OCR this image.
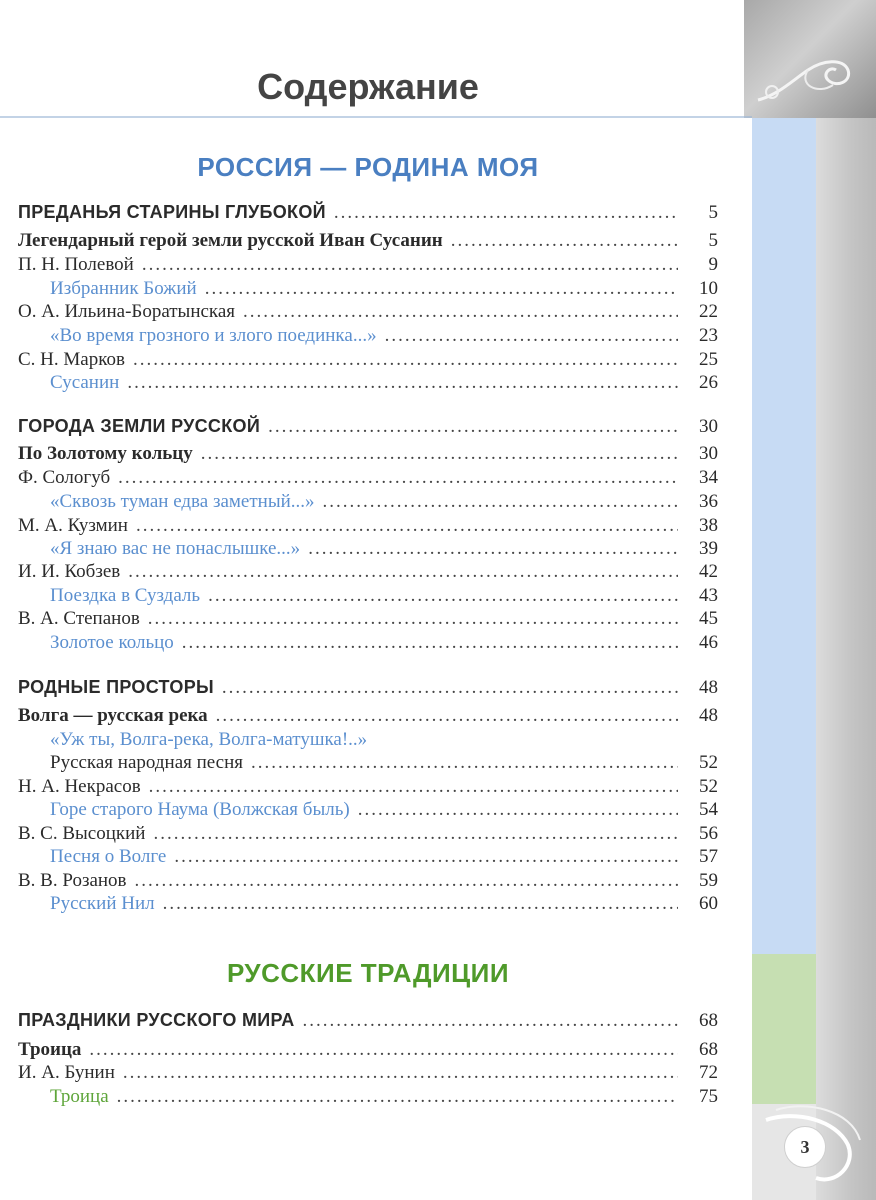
3
Содержание
РОССИЯ — РОДИНА МОЯ
РУССКИЕ ТРАДИЦИИ
ПРЕДАНЬЯ СТАРИНЫ ГЛУБОКОЙ .....	5
Легендарный герой земли русской Иван Сусанин .....	5
П. Н. Полевой .....	9
Избранник Божий .....	10
О. А. Ильина-Боратынская .....	22
«Во время грозного и злого поединка...» .....	23
С. Н. Марков .....	25
Сусанин .....	26
ГОРОДА ЗЕМЛИ РУССКОЙ .....	30
По Золотому кольцу .....	30
Ф. Сологуб .....	34
«Сквозь туман едва заметный...» .....	36
М. А. Кузмин .....	38
«Я знаю вас не понаслышке...» .....	39
И. И. Кобзев .....	42
Поездка в Суздаль .....	43
В. А. Степанов .....	45
Золотое кольцо .....	46
РОДНЫЕ ПРОСТОРЫ .....	48
Волга — русская река .....	48
«Уж ты, Волга-река, Волга-матушка!..»
Русская народная песня .....	52
Н. А. Некрасов .....	52
Горе старого Наума (Волжская быль) .....	54
В. С. Высоцкий .....	56
Песня о Волге .....	57
В. В. Розанов .....	59
Русский Нил .....	60
ПРАЗДНИКИ РУССКОГО МИРА .....	68
Троица .....	68
И. А. Бунин .....	72
Троица .....	75
